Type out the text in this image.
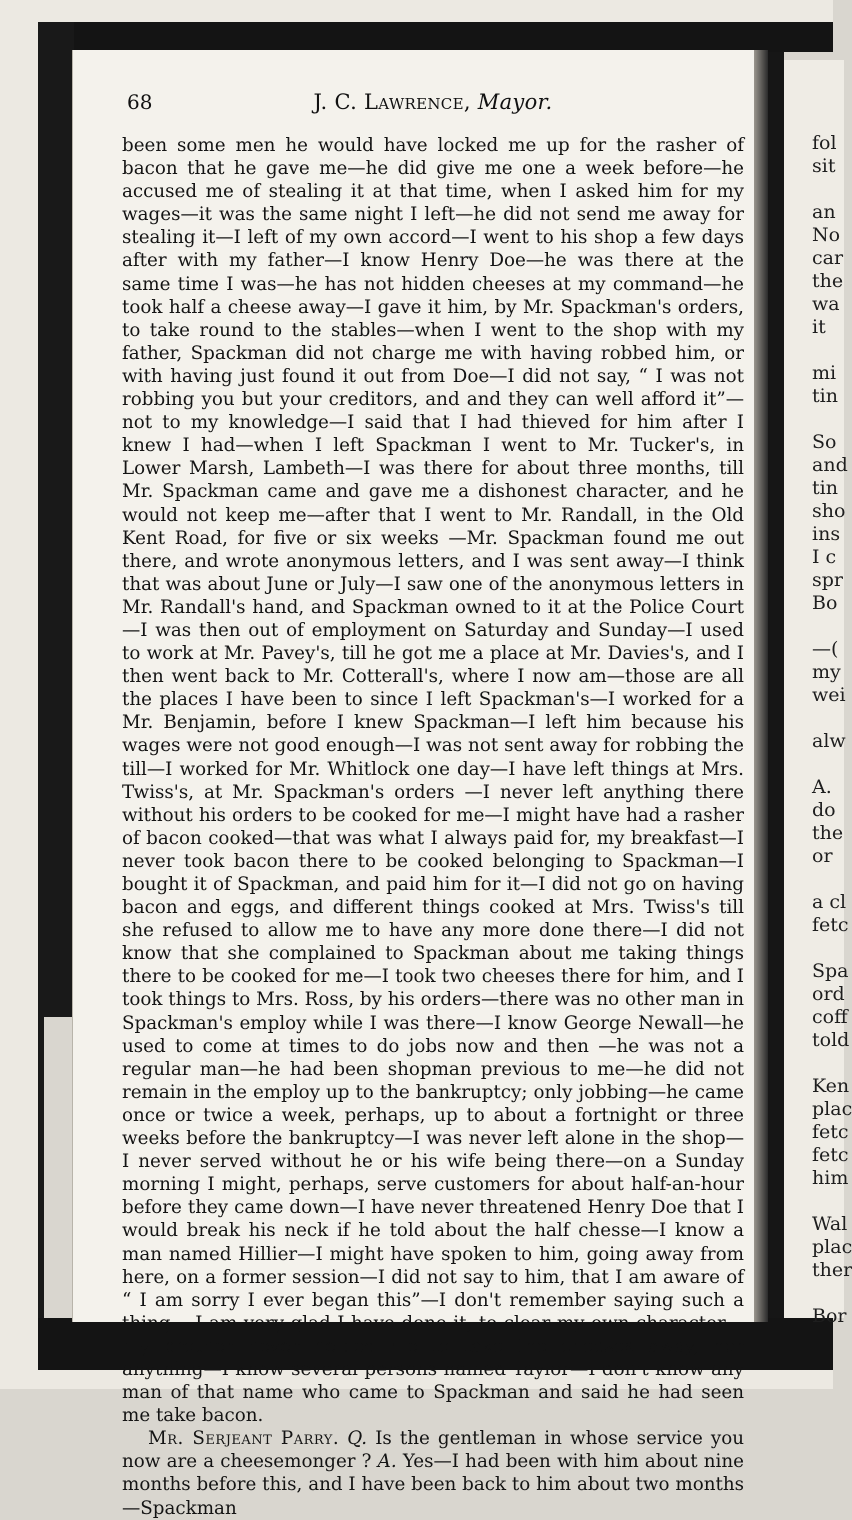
fol
sit
an
No
car
the
wa
it
mi
tin
So
and
tin
sho
ins
I c
spr
Bo
—(
my
wei
alw
A.
do
the
or
a cl
fetc
Spa
ord
coff
told
Ken
plac
fetc
fetc
him
Wal
plac
ther
Bor
68	J. C. Lawrence, Mayor.

been some men he would have locked me up for the rasher of bacon that he gave me—he did give me one a week before—he accused me of stealing it at that time, when I asked him for my wages—it was the same night I left—he did not send me away for stealing it—I left of my own accord—I went to his shop a few days after with my father—I know Henry Doe—he was there at the same time I was—he has not hidden cheeses at my command—he took half a cheese away—I gave it him, by Mr. Spackman's orders, to take round to the stables—when I went to the shop with my father, Spackman did not charge me with having robbed him, or with having just found it out from Doe—I did not say, “ I was not robbing you but your creditors, and and they can well afford it”—not to my knowledge—I said that I had thieved for him after I knew I had—when I left Spackman I went to Mr. Tucker's, in Lower Marsh, Lambeth—I was there for about three months, till Mr. Spackman came and gave me a dishonest character, and he would not keep me—after that I went to Mr. Randall, in the Old Kent Road, for five or six weeks —Mr. Spackman found me out there, and wrote anonymous letters, and I was sent away—I think that was about June or July—I saw one of the anonymous letters in Mr. Randall's hand, and Spackman owned to it at the Police Court—I was then out of employment on Saturday and Sunday—I used to work at Mr. Pavey's, till he got me a place at Mr. Davies's, and I then went back to Mr. Cotterall's, where I now am—those are all the places I have been to since I left Spackman's—I worked for a Mr. Benjamin, before I knew Spackman—I left him because his wages were not good enough—I was not sent away for robbing the till—I worked for Mr. Whitlock one day—I have left things at Mrs. Twiss's, at Mr. Spackman's orders —I never left anything there without his orders to be cooked for me—I might have had a rasher of bacon cooked—that was what I always paid for, my breakfast—I never took bacon there to be cooked belonging to Spackman—I bought it of Spackman, and paid him for it—I did not go on having bacon and eggs, and different things cooked at Mrs. Twiss's till she refused to allow me to have any more done there—I did not know that she complained to Spackman about me taking things there to be cooked for me—I took two cheeses there for him, and I took things to Mrs. Ross, by his orders—there was no other man in Spackman's employ while I was there—I know George Newall—he used to come at times to do jobs now and then —he was not a regular man—he had been shopman previous to me—he did not remain in the employ up to the bankruptcy; only jobbing—he came once or twice a week, perhaps, up to about a fortnight or three weeks before the bankruptcy—I was never left alone in the shop—I never served without he or his wife being there—on a Sunday morning I might, perhaps, serve customers for about half-an-hour before they came down—I have never threatened Henry Doe that I would break his neck if he told about the half chesse—I know a man named Hillier—I might have spoken to him, going away from here, on a former session—I did not say to him, that I am aware of “ I am sorry I ever began this”—I don't remember saying such a thing —I am very glad I have done it, to clear my own character—my brother never helped me to take the cheeses away, nor anything—I know several persons named Taylor—I don't know any man of that name who came to Spackman and said he had seen me take bacon.

Mr. Serjeant Parry. Q. Is the gentleman in whose service you now are a cheesemonger ? A. Yes—I had been with him about nine months before this, and I have been back to him about two months—Spackman
